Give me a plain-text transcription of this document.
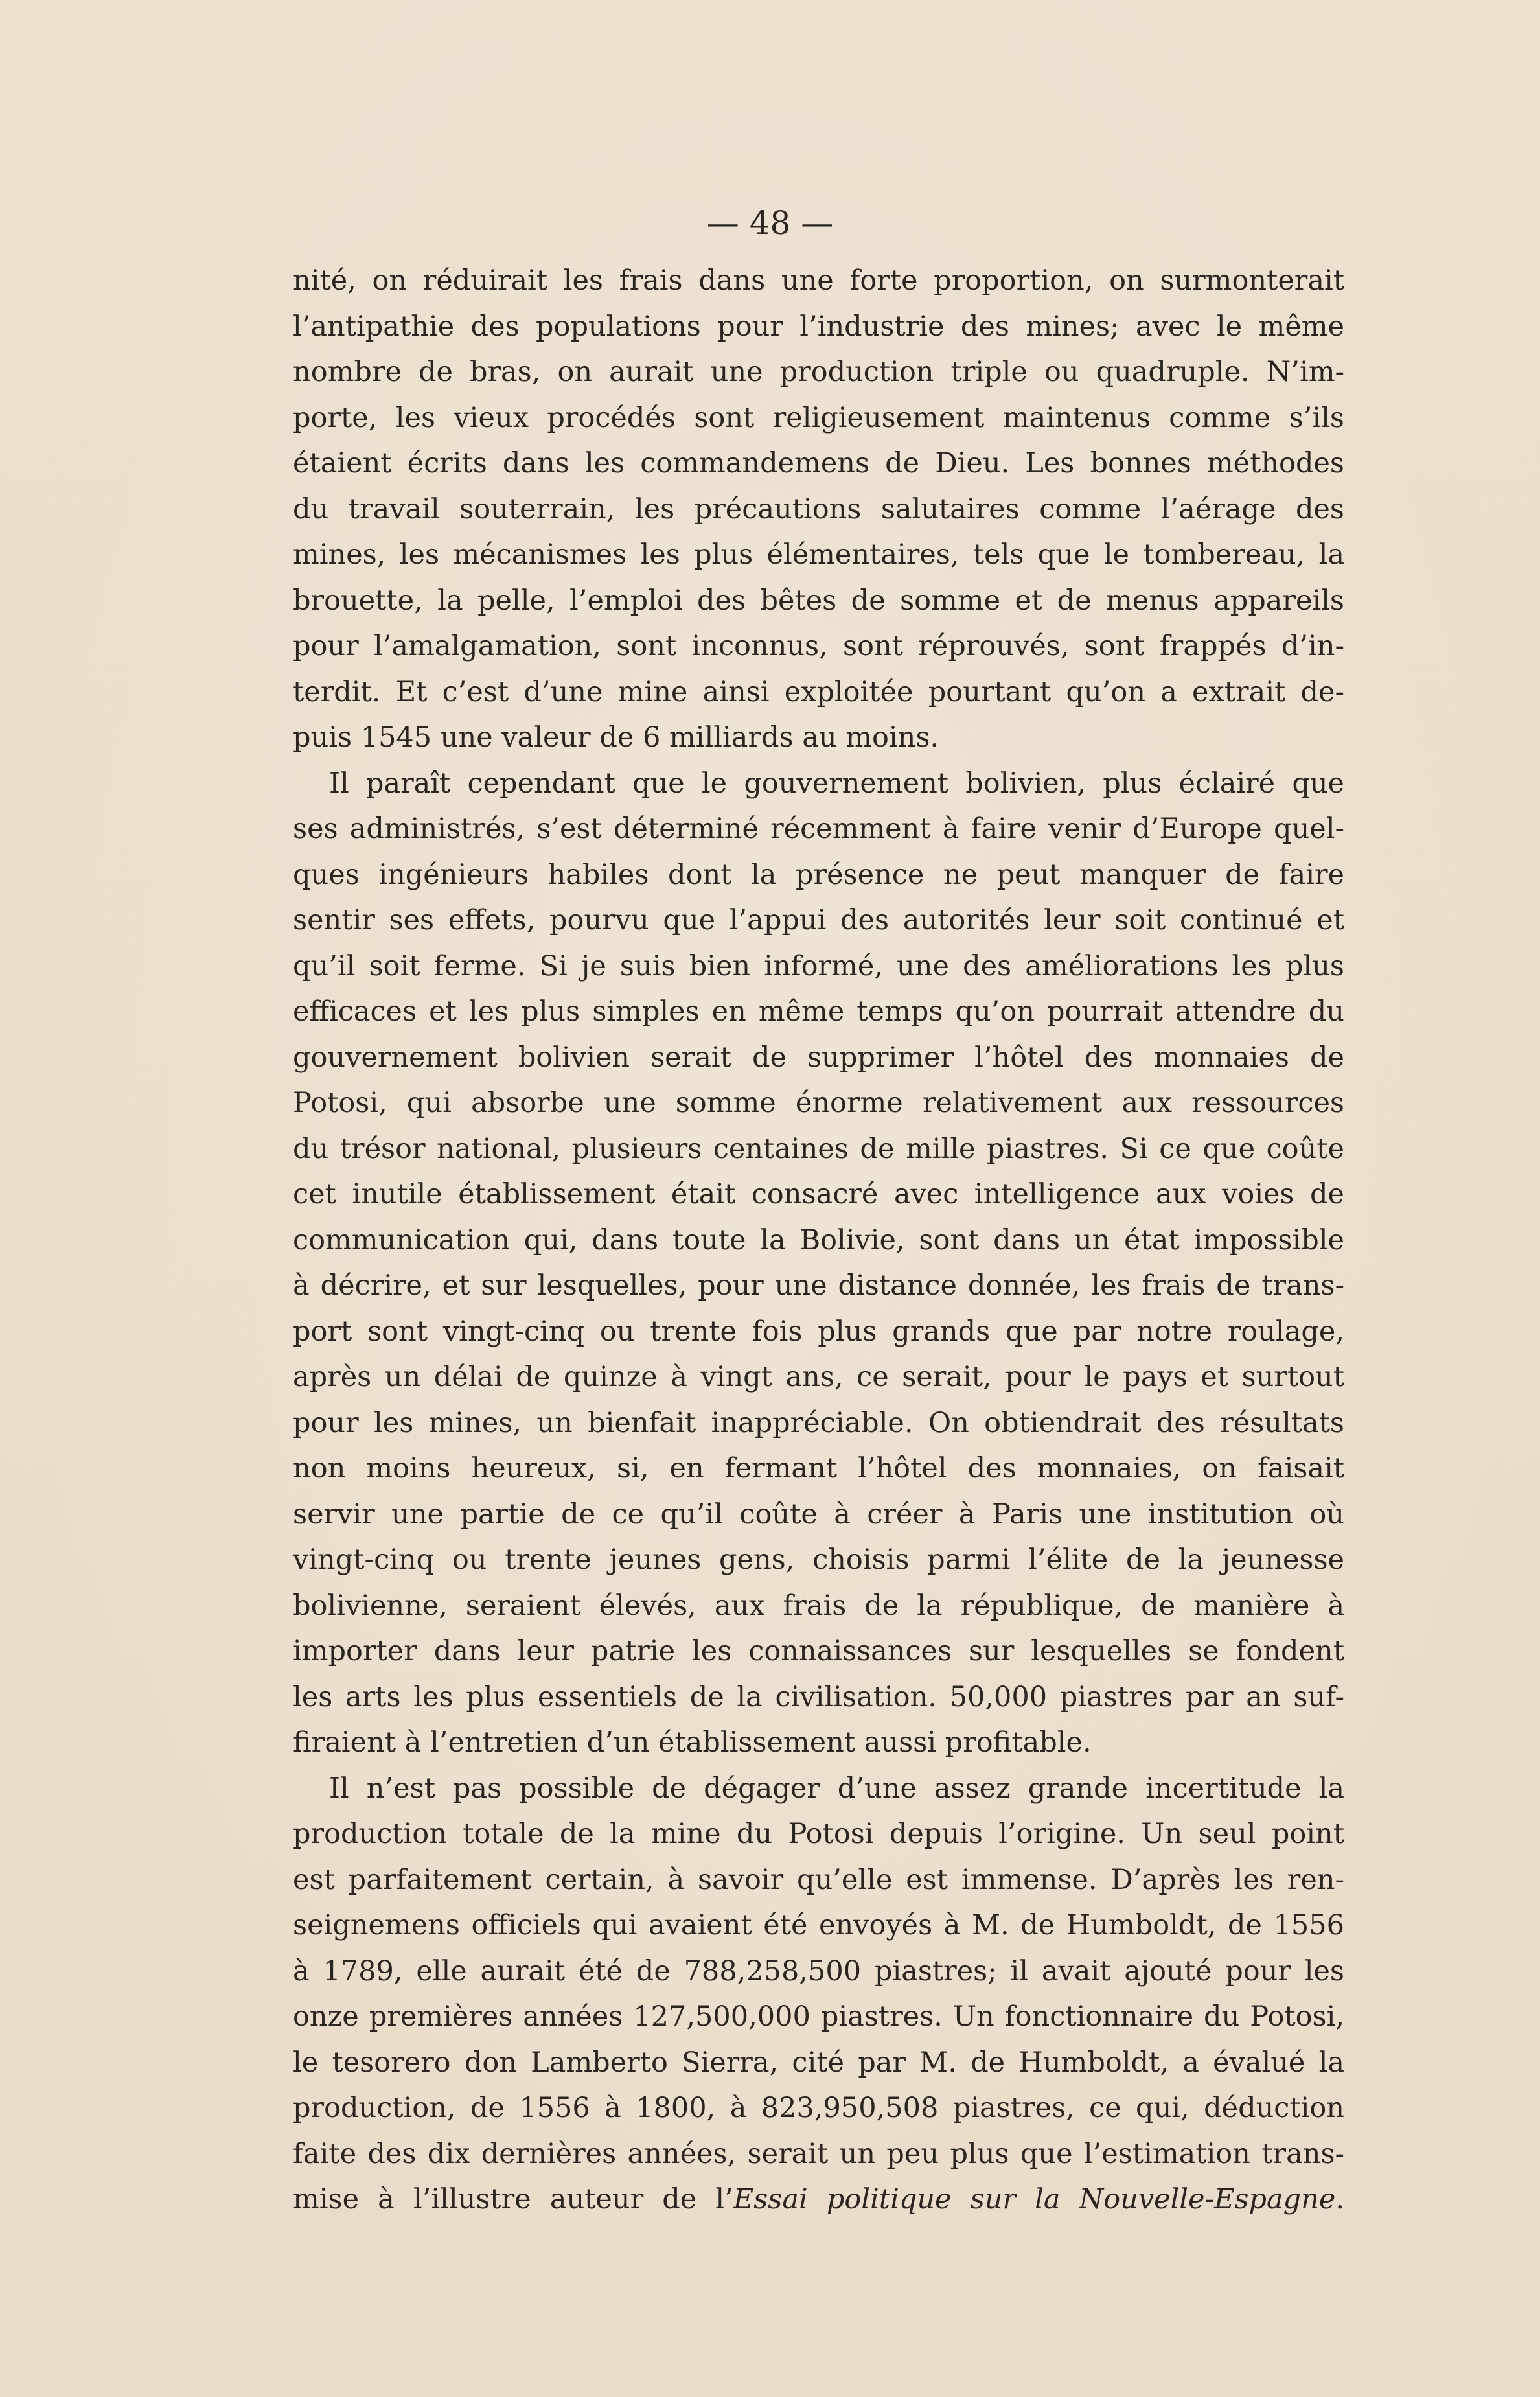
— 48 —
nité, on réduirait les frais dans une forte proportion, on surmonterait
l’antipathie des populations pour l’industrie des mines; avec le même
nombre de bras, on aurait une production triple ou quadruple. N’im-
porte, les vieux procédés sont religieusement maintenus comme s’ils
étaient écrits dans les commandemens de Dieu. Les bonnes méthodes
du travail souterrain, les précautions salutaires comme l’aérage des
mines, les mécanismes les plus élémentaires, tels que le tombereau, la
brouette, la pelle, l’emploi des bêtes de somme et de menus appareils
pour l’amalgamation, sont inconnus, sont réprouvés, sont frappés d’in-
terdit. Et c’est d’une mine ainsi exploitée pourtant qu’on a extrait de-
puis 1545 une valeur de 6 milliards au moins.
Il paraît cependant que le gouvernement bolivien, plus éclairé que
ses administrés, s’est déterminé récemment à faire venir d’Europe quel-
ques ingénieurs habiles dont la présence ne peut manquer de faire
sentir ses effets, pourvu que l’appui des autorités leur soit continué et
qu’il soit ferme. Si je suis bien informé, une des améliorations les plus
efficaces et les plus simples en même temps qu’on pourrait attendre du
gouvernement bolivien serait de supprimer l’hôtel des monnaies de
Potosi, qui absorbe une somme énorme relativement aux ressources
du trésor national, plusieurs centaines de mille piastres. Si ce que coûte
cet inutile établissement était consacré avec intelligence aux voies de
communication qui, dans toute la Bolivie, sont dans un état impossible
à décrire, et sur lesquelles, pour une distance donnée, les frais de trans-
port sont vingt-cinq ou trente fois plus grands que par notre roulage,
après un délai de quinze à vingt ans, ce serait, pour le pays et surtout
pour les mines, un bienfait inappréciable. On obtiendrait des résultats
non moins heureux, si, en fermant l’hôtel des monnaies, on faisait
servir une partie de ce qu’il coûte à créer à Paris une institution où
vingt-cinq ou trente jeunes gens, choisis parmi l’élite de la jeunesse
bolivienne, seraient élevés, aux frais de la république, de manière à
importer dans leur patrie les connaissances sur lesquelles se fondent
les arts les plus essentiels de la civilisation. 50,000 piastres par an suf-
firaient à l’entretien d’un établissement aussi profitable.
Il n’est pas possible de dégager d’une assez grande incertitude la
production totale de la mine du Potosi depuis l’origine. Un seul point
est parfaitement certain, à savoir qu’elle est immense. D’après les ren-
seignemens officiels qui avaient été envoyés à M. de Humboldt, de 1556
à 1789, elle aurait été de 788,258,500 piastres; il avait ajouté pour les
onze premières années 127,500,000 piastres. Un fonctionnaire du Potosi,
le tesorero don Lamberto Sierra, cité par M. de Humboldt, a évalué la
production, de 1556 à 1800, à 823,950,508 piastres, ce qui, déduction
faite des dix dernières années, serait un peu plus que l’estimation trans-
mise à l’illustre auteur de l’Essai politique sur la Nouvelle-Espagne.
